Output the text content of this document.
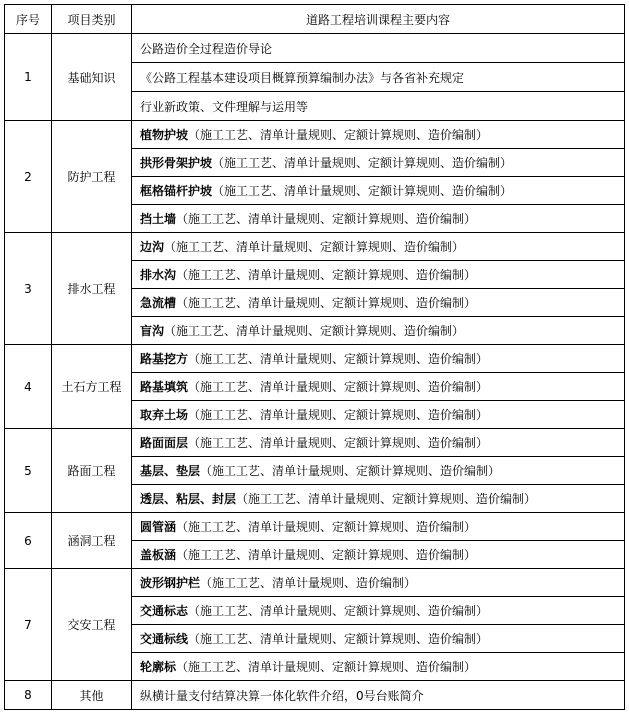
序号	项目类别	道路工程培训课程主要内容
1	基础知识	公路造价全过程造价导论
		《公路工程基本建设项目概算预算编制办法》与各省补充规定
		行业新政策、文件理解与运用等
2	防护工程	植物护坡（施工工艺、清单计量规则、定额计算规则、造价编制）
		拱形骨架护坡（施工工艺、清单计量规则、定额计算规则、造价编制）
		框格锚杆护坡（施工工艺、清单计量规则、定额计算规则、造价编制）
		挡土墙（施工工艺、清单计量规则、定额计算规则、造价编制）
3	排水工程	边沟（施工工艺、清单计量规则、定额计算规则、造价编制）
		排水沟（施工工艺、清单计量规则、定额计算规则、造价编制）
		急流槽（施工工艺、清单计量规则、定额计算规则、造价编制）
		盲沟（施工工艺、清单计量规则、定额计算规则、造价编制）
4	土石方工程	路基挖方（施工工艺、清单计量规则、定额计算规则、造价编制）
		路基填筑（施工工艺、清单计量规则、定额计算规则、造价编制）
		取弃土场（施工工艺、清单计量规则、定额计算规则、造价编制）
5	路面工程	路面面层（施工工艺、清单计量规则、定额计算规则、造价编制）
		基层、垫层（施工工艺、清单计量规则、定额计算规则、造价编制）
		透层、粘层、封层（施工工艺、清单计量规则、定额计算规则、造价编制）
6	涵洞工程	圆管涵（施工工艺、清单计量规则、定额计算规则、造价编制）
		盖板涵（施工工艺、清单计量规则、定额计算规则、造价编制）
7	交安工程	波形钢护栏（施工工艺、清单计量规则、造价编制）
		交通标志（施工工艺、清单计量规则、定额计算规则、造价编制）
		交通标线（施工工艺、清单计量规则、定额计算规则、造价编制）
		轮廓标（施工工艺、清单计量规则、定额计算规则、造价编制）
8	其他	纵横计量支付结算决算一体化软件介绍，0号台账简介
